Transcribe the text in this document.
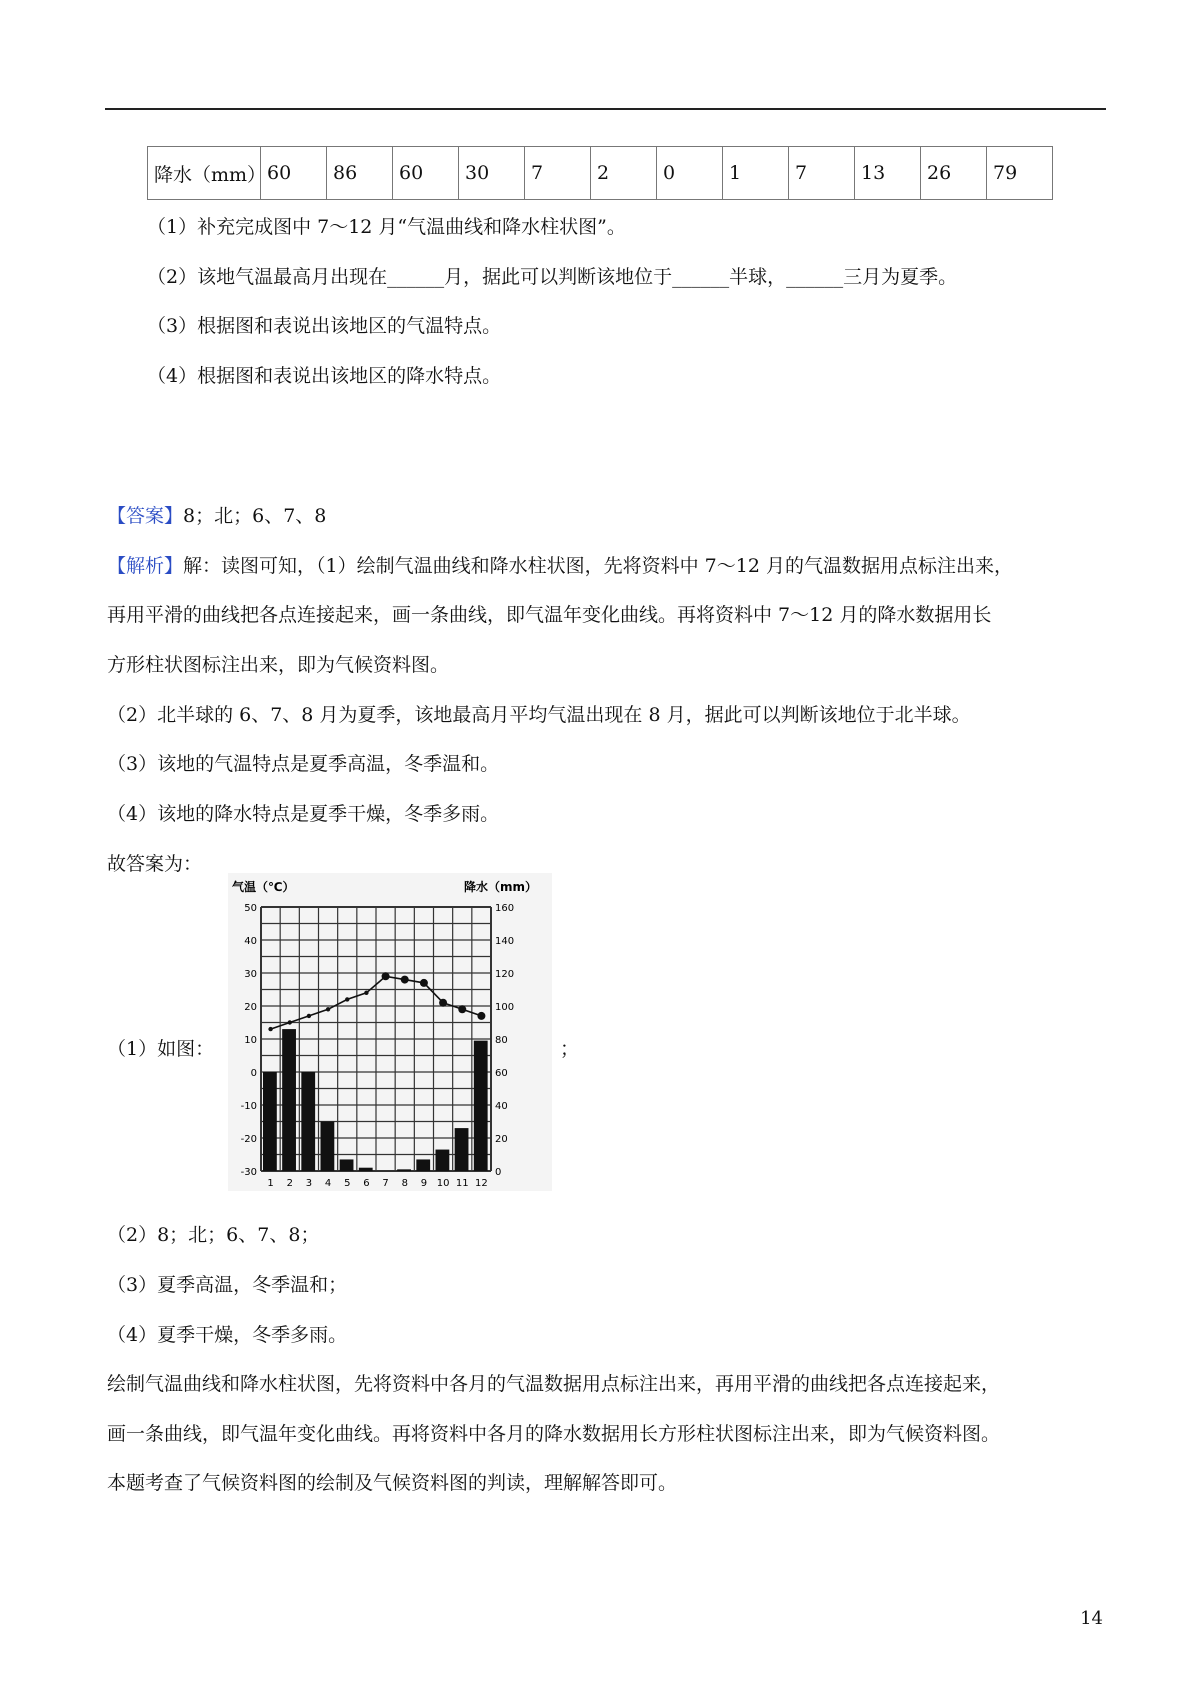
降水（mm）	60	86	60	30	7	2	0	1	7	13	26	79
（1）补充完成图中 7～12 月“气温曲线和降水柱状图”。
（2）该地气温最高月出现在______月，据此可以判断该地位于______半球，______三月为夏季。
（3）根据图和表说出该地区的气温特点。
（4）根据图和表说出该地区的降水特点。
【答案】8；北；6、7、8
【解析】解：读图可知，（1）绘制气温曲线和降水柱状图，先将资料中 7～12 月的气温数据用点标注出来，
再用平滑的曲线把各点连接起来，画一条曲线，即气温年变化曲线。再将资料中 7～12 月的降水数据用长
方形柱状图标注出来，即为气候资料图。
（2）北半球的 6、7、8 月为夏季，该地最高月平均气温出现在 8 月，据此可以判断该地位于北半球。
（3）该地的气温特点是夏季高温，冬季温和。
（4）该地的降水特点是夏季干燥，冬季多雨。
故答案为：
（1）如图：
气温（℃）	降水（mm）
50
40
30
20
10
0
-10
-20
-30
160
140
120
100
80
60
40
20
0
1 2 3 4 5 6 7 8 9 10 11 12
；
（2）8；北；6、7、8；
（3）夏季高温，冬季温和；
（4）夏季干燥，冬季多雨。
绘制气温曲线和降水柱状图，先将资料中各月的气温数据用点标注出来，再用平滑的曲线把各点连接起来，
画一条曲线，即气温年变化曲线。再将资料中各月的降水数据用长方形柱状图标注出来，即为气候资料图。
本题考查了气候资料图的绘制及气候资料图的判读，理解解答即可。
14
